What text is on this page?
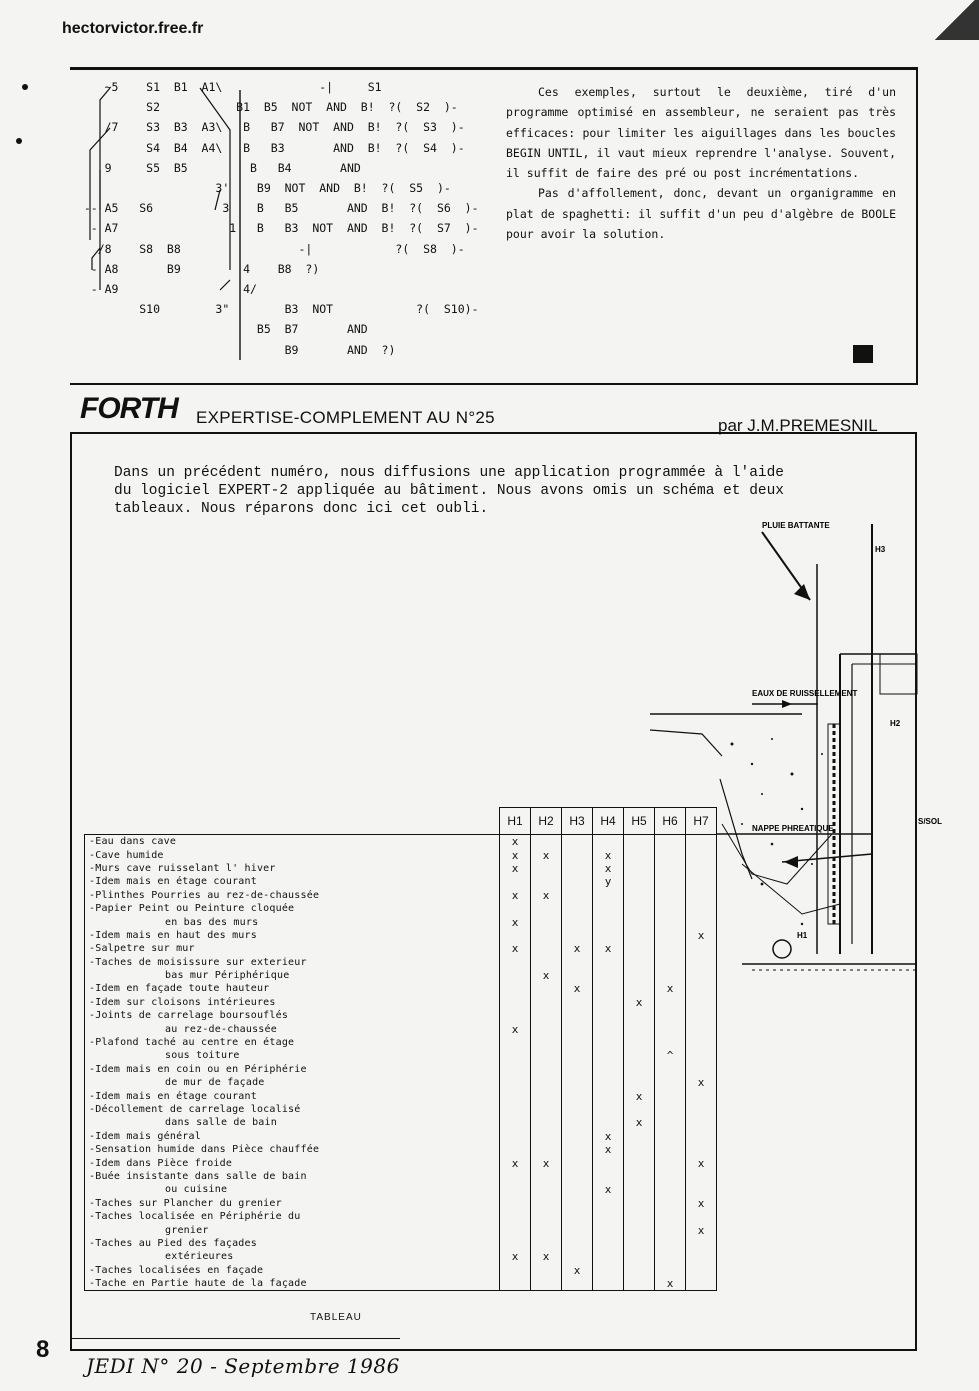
hectorvictor.free.fr
~5    S1  B1  A1\              -|     S1
S2           B1  B5  NOT  AND  B!  ?(  S2  )-
/7    S3  B3  A3\   B   B7  NOT  AND  B!  ?(  S3  )-
S4  B4  A4\   B   B3       AND  B!  ?(  S4  )-
9     S5  B5         B   B4       AND
3'    B9  NOT  AND  B!  ?(  S5  )-
-- A5   S6          3    B   B5       AND  B!  ?(  S6  )-
- A7                1   B   B3  NOT  AND  B!  ?(  S7  )-
/8    S8  B8                 -|            ?(  S8  )-
- A8       B9         4    B8  ?)
- A9                  4/
S10        3"        B3  NOT            ?(  S10)-
B5  B7       AND
B9       AND  ?)

Ces exemples, surtout le deuxième, tiré d'un programme optimisé en assembleur, ne seraient pas très efficaces: pour limiter les aiguillages dans les boucles BEGIN UNTIL, il vaut mieux reprendre l'analyse. Souvent, il suffit de faire des pré ou post incrémentations.

Pas d'affollement, donc, devant un organigramme en plat de spaghetti: il suffit d'un peu d'algèbre de BOOLE pour avoir la solution.

FORTH EXPERTISE-COMPLEMENT AU N°25	par J.M.PREMESNIL
Dans un précédent numéro, nous diffusions une application programmée à l'aide
du logiciel EXPERT-2 appliquée au bâtiment. Nous avons omis un schéma et deux
tableaux. Nous réparons donc ici cet oubli.
PLUIE BATTANTE
H3
EAUX DE RUISSELLEMENT
H2
S/SOL
NAPPE PHREATIQUE
H1
	H1	H2	H3	H4	H5	H6	H7
-Eau dans cave	x						
-Cave humide	x	x		x			
-Murs cave ruisselant l' hiver	x			x			
-Idem mais en étage courant				y			
-Plinthes Pourries au rez-de-chaussée	x	x					
-Papier Peint ou Peinture cloquée							
en bas des murs	x						
-Idem mais en haut des murs							x
-Salpetre sur mur	x		x	x			
-Taches de moisissure sur exterieur							
bas mur Périphérique		x					
-Idem en façade toute hauteur			x			x	
-Idem sur cloisons intérieures					x		
-Joints de carrelage boursouflés							
au rez-de-chaussée	x						
-Plafond taché au centre en étage							
sous toiture						^	
-Idem mais en coin ou en Périphérie							
de mur de façade							x
-Idem mais en étage courant					x		
-Décollement de carrelage localisé							
dans salle de bain					x		
-Idem mais général				x			
-Sensation humide dans Pièce chauffée				x			
-Idem dans Pièce froide	x	x					x
-Buée insistante dans salle de bain							
ou cuisine				x			
-Taches sur Plancher du grenier							x
-Taches localisée en Périphérie du							
grenier							x
-Taches au Pied des façades							
extérieures	x	x					
-Taches localisées en façade			x				
-Tache en Partie haute de la façade						x	
TABLEAU
8
JEDI N° 20 - Septembre 1986
